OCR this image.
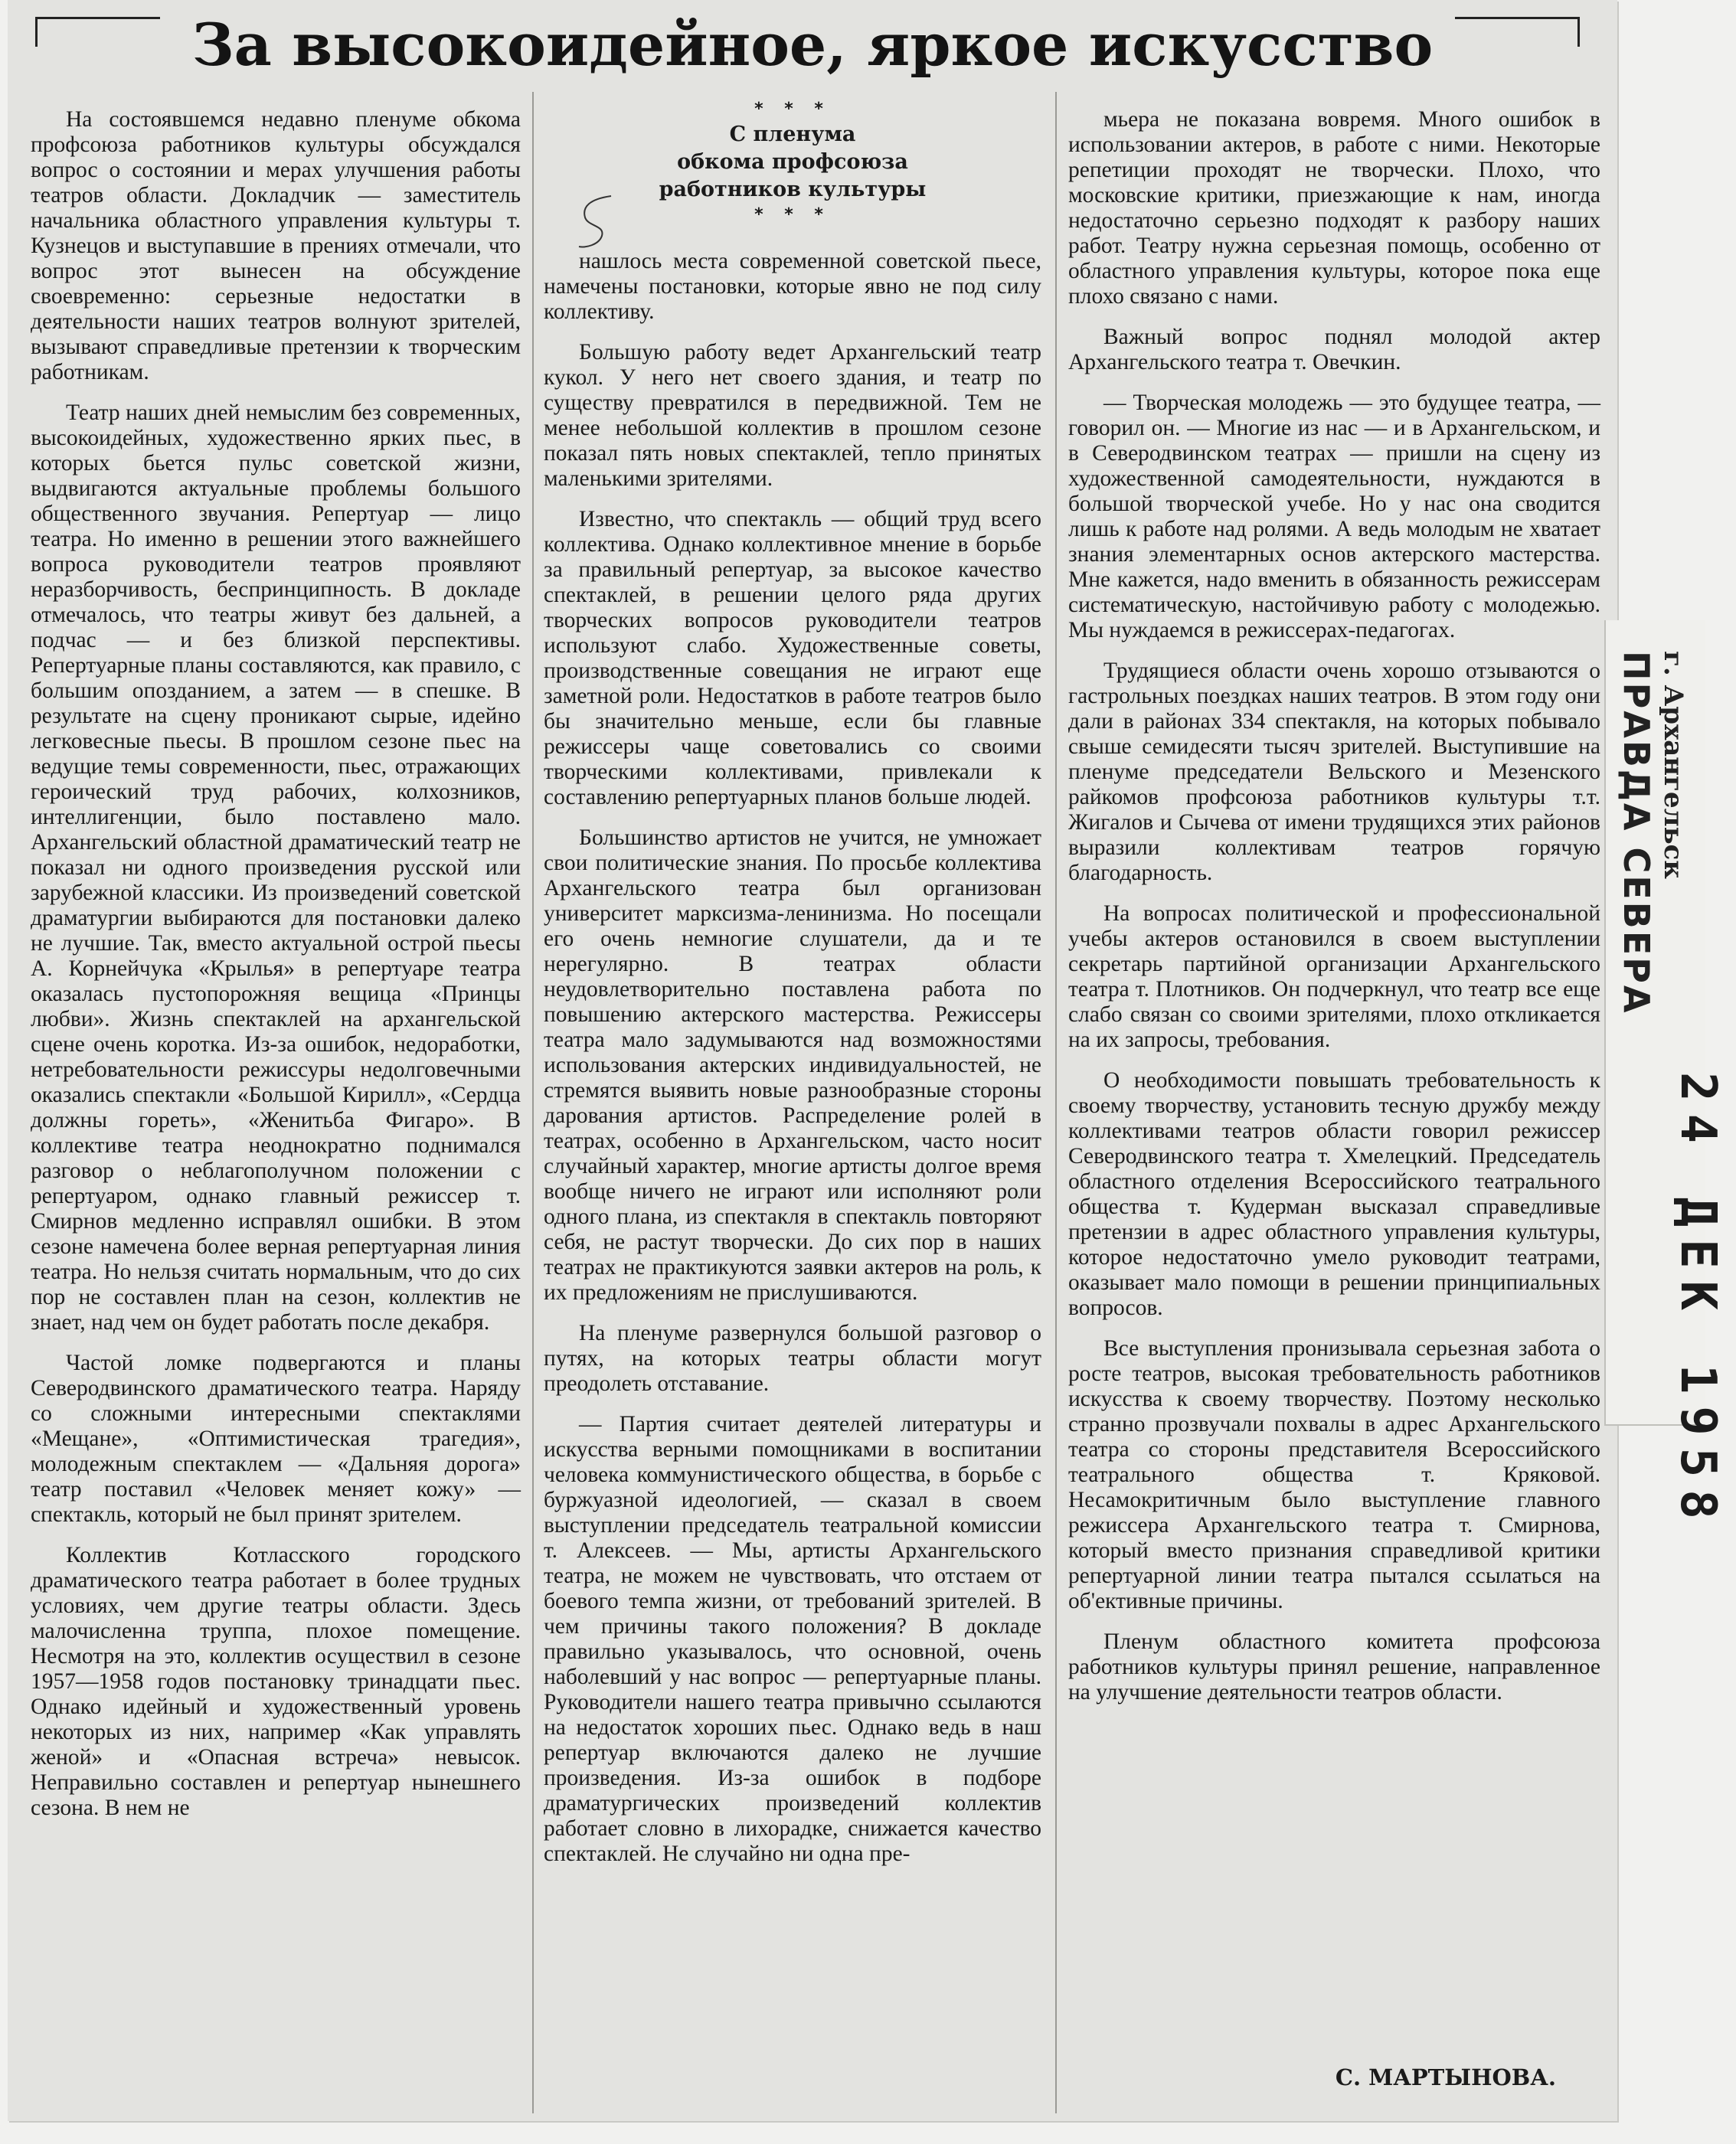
За высокоидейное, яркое искусство

На состоявшемся недавно пленуме обкома профсоюза работников культуры обсуждался вопрос о состоянии и мерах улучшения работы театров области. Докладчик — заместитель начальника областного управления культуры т. Кузнецов и выступавшие в прениях отмечали, что вопрос этот вынесен на обсуждение своевременно: серьезные недостатки в деятельности наших театров волнуют зрителей, вызывают справедливые претензии к творческим работникам.

Театр наших дней немыслим без современных, высокоидейных, художественно ярких пьес, в которых бьется пульс советской жизни, выдвигаются актуальные проблемы большого общественного звучания. Репертуар — лицо театра. Но именно в решении этого важнейшего вопроса руководители театров проявляют неразборчивость, беспринципность. В докладе отмечалось, что театры живут без дальней, а подчас — и без близкой перспективы. Репертуарные планы составляются, как правило, с большим опозданием, а затем — в спешке. В результате на сцену проникают сырые, идейно легковесные пьесы. В прошлом сезоне пьес на ведущие темы современности, пьес, отражающих героический труд рабочих, колхозников, интеллигенции, было поставлено мало. Архангельский областной драматический театр не показал ни одного произведения русской или зарубежной классики. Из произведений советской драматургии выбираются для постановки далеко не лучшие. Так, вместо актуальной острой пьесы А. Корнейчука «Крылья» в репертуаре театра оказалась пустопорожняя вещица «Принцы любви». Жизнь спектаклей на архангельской сцене очень коротка. Из-за ошибок, недоработки, нетребовательности режиссуры недолговечными оказались спектакли «Большой Кирилл», «Сердца должны гореть», «Женитьба Фигаро». В коллективе театра неоднократно поднимался разговор о неблагополучном положении с репертуаром, однако главный режиссер т. Смирнов медленно исправлял ошибки. В этом сезоне намечена более верная репертуарная линия театра. Но нельзя считать нормальным, что до сих пор не составлен план на сезон, коллектив не знает, над чем он будет работать после декабря.

Частой ломке подвергаются и планы Северодвинского драматического театра. Наряду со сложными интересными спектаклями «Мещане», «Оптимистическая трагедия», молодежным спектаклем — «Дальняя дорога» театр поставил «Человек меняет кожу» — спектакль, который не был принят зрителем.

Коллектив Котласского городского драматического театра работает в более трудных условиях, чем другие театры области. Здесь малочисленна труппа, плохое помещение. Несмотря на это, коллектив осуществил в сезоне 1957—1958 годов постановку тринадцати пьес. Однако идейный и художественный уровень некоторых из них, например «Как управлять женой» и «Опасная встреча» невысок. Неправильно составлен и репертуар нынешнего сезона. В нем не

* * *
С пленума
обкома профсоюза
работников культуры
* * *

нашлось места современной советской пьесе, намечены постановки, которые явно не под силу коллективу.

Большую работу ведет Архангельский театр кукол. У него нет своего здания, и театр по существу превратился в передвижной. Тем не менее небольшой коллектив в прошлом сезоне показал пять новых спектаклей, тепло принятых маленькими зрителями.

Известно, что спектакль — общий труд всего коллектива. Однако коллективное мнение в борьбе за правильный репертуар, за высокое качество спектаклей, в решении целого ряда других творческих вопросов руководители театров используют слабо. Художественные советы, производственные совещания не играют еще заметной роли. Недостатков в работе театров было бы значительно меньше, если бы главные режиссеры чаще советовались со своими творческими коллективами, привлекали к составлению репертуарных планов больше людей.

Большинство артистов не учится, не умножает свои политические знания. По просьбе коллектива Архангельского театра был организован университет марксизма-ленинизма. Но посещали его очень немногие слушатели, да и те нерегулярно. В театрах области неудовлетворительно поставлена работа по повышению актерского мастерства. Режиссеры театра мало задумываются над возможностями использования актерских индивидуальностей, не стремятся выявить новые разнообразные стороны дарования артистов. Распределение ролей в театрах, особенно в Архангельском, часто носит случайный характер, многие артисты долгое время вообще ничего не играют или исполняют роли одного плана, из спектакля в спектакль повторяют себя, не растут творчески. До сих пор в наших театрах не практикуются заявки актеров на роль, к их предложениям не прислушиваются.

На пленуме развернулся большой разговор о путях, на которых театры области могут преодолеть отставание.

— Партия считает деятелей литературы и искусства верными помощниками в воспитании человека коммунистического общества, в борьбе с буржуазной идеологией, — сказал в своем выступлении председатель театральной комиссии т. Алексеев. — Мы, артисты Архангельского театра, не можем не чувствовать, что отстаем от боевого темпа жизни, от требований зрителей. В чем причины такого положения? В докладе правильно указывалось, что основной, очень наболевший у нас вопрос — репертуарные планы. Руководители нашего театра привычно ссылаются на недостаток хороших пьес. Однако ведь в наш репертуар включаются далеко не лучшие произведения. Из-за ошибок в подборе драматургических произведений коллектив работает словно в лихорадке, снижается качество спектаклей. Не случайно ни одна пре-

мьера не показана вовремя. Много ошибок в использовании актеров, в работе с ними. Некоторые репетиции проходят не творчески. Плохо, что московские критики, приезжающие к нам, иногда недостаточно серьезно подходят к разбору наших работ. Театру нужна серьезная помощь, особенно от областного управления культуры, которое пока еще плохо связано с нами.

Важный вопрос поднял молодой актер Архангельского театра т. Овечкин.

— Творческая молодежь — это будущее театра, — говорил он. — Многие из нас — и в Архангельском, и в Северодвинском театрах — пришли на сцену из художественной самодеятельности, нуждаются в большой творческой учебе. Но у нас она сводится лишь к работе над ролями. А ведь молодым не хватает знания элементарных основ актерского мастерства. Мне кажется, надо вменить в обязанность режиссерам систематическую, настойчивую работу с молодежью. Мы нуждаемся в режиссерах-педагогах.

Трудящиеся области очень хорошо отзываются о гастрольных поездках наших театров. В этом году они дали в районах 334 спектакля, на которых побывало свыше семидесяти тысяч зрителей. Выступившие на пленуме председатели Вельского и Мезенского райкомов профсоюза работников культуры т.т. Жигалов и Сычева от имени трудящихся этих районов выразили коллективам театров горячую благодарность.

На вопросах политической и профессиональной учебы актеров остановился в своем выступлении секретарь партийной организации Архангельского театра т. Плотников. Он подчеркнул, что театр все еще слабо связан со своими зрителями, плохо откликается на их запросы, требования.

О необходимости повышать требовательность к своему творчеству, установить тесную дружбу между коллективами театров области говорил режиссер Северодвинского театра т. Хмелецкий. Председатель областного отделения Всероссийского театрального общества т. Кудерман высказал справедливые претензии в адрес областного управления культуры, которое недостаточно умело руководит театрами, оказывает мало помощи в решении принципиальных вопросов.

Все выступления пронизывала серьезная забота о росте театров, высокая требовательность работников искусства к своему творчеству. Поэтому несколько странно прозвучали похвалы в адрес Архангельского театра со стороны представителя Всероссийского театрального общества т. Кряковой. Несамокритичным было выступление главного режиссера Архангельского театра т. Смирнова, который вместо признания справедливой критики репертуарной линии театра пытался ссылаться на об'ективные причины.

Пленум областного комитета профсоюза работников культуры принял решение, направленное на улучшение деятельности театров области.

С. МАРТЫНОВА.
ПРАВДА СЕВЕРА г. Архангельск
24 ДЕК 1958
